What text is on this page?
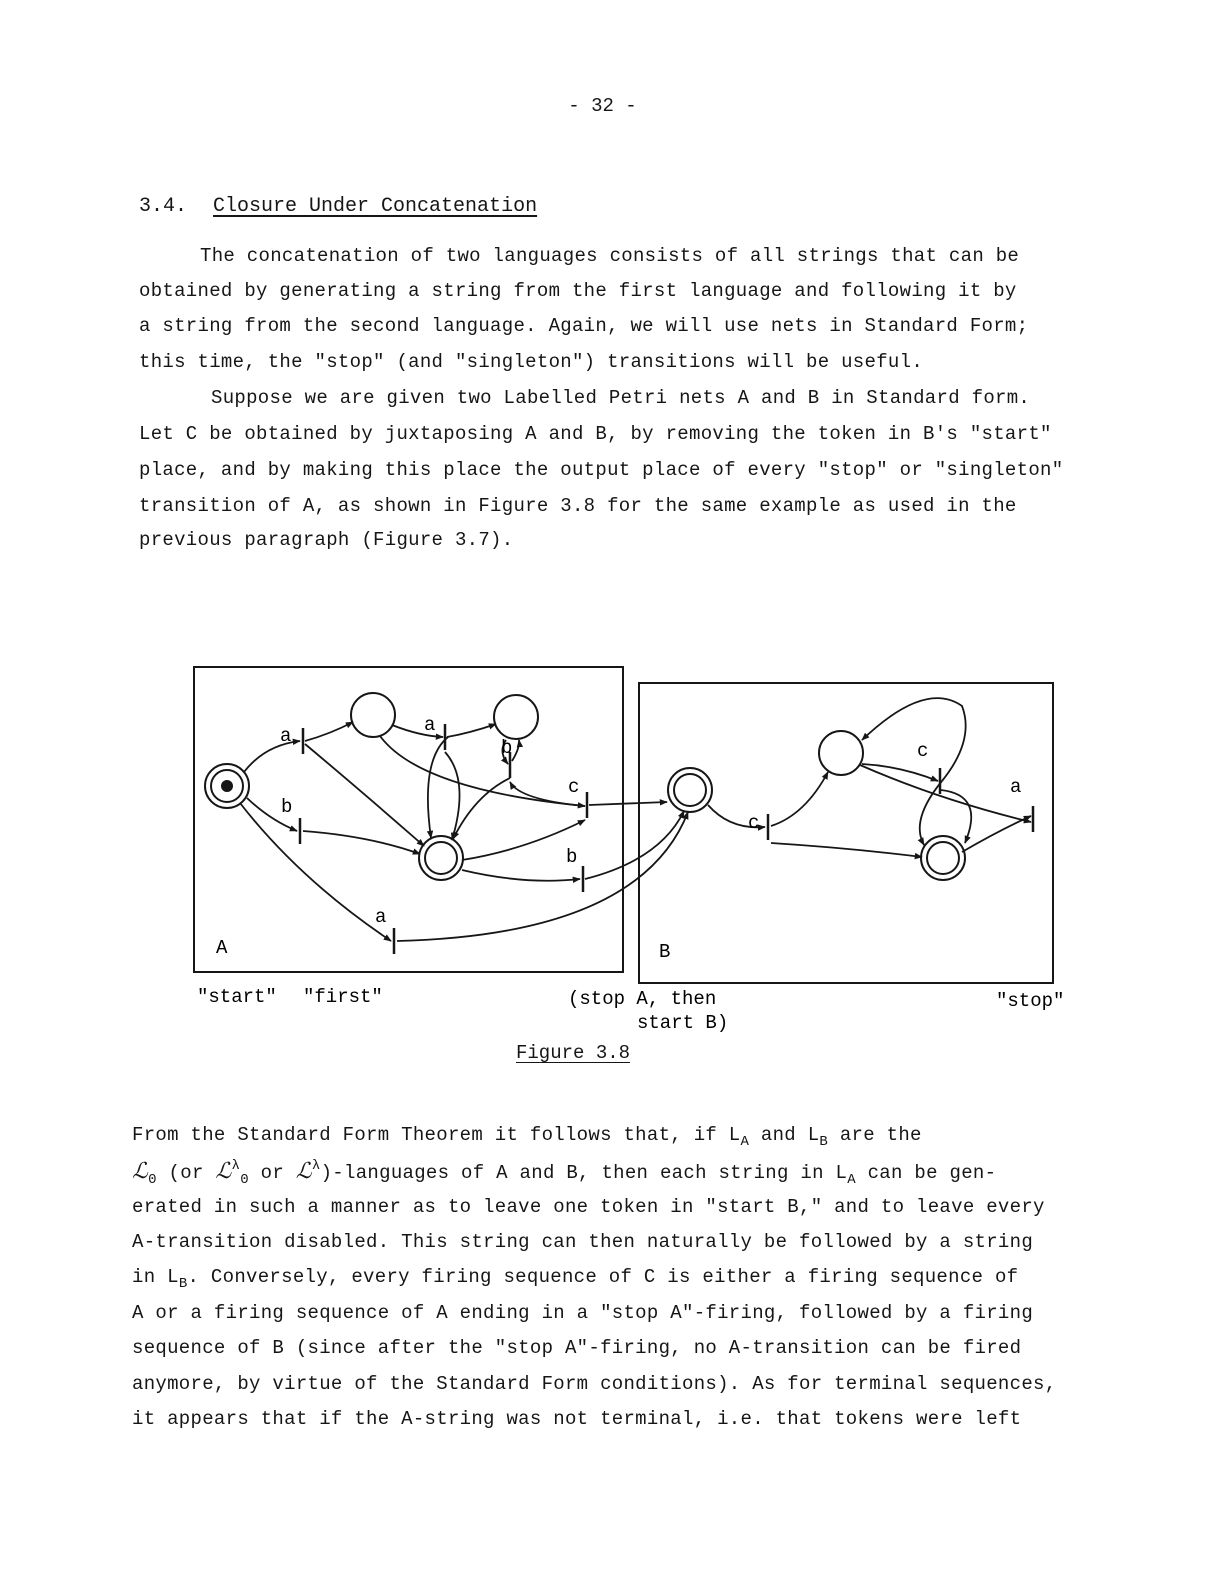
- 32 -
3.4. Closure Under Concatenation
The concatenation of two languages consists of all strings that can be
obtained by generating a string from the first language and following it by
a string from the second language. Again, we will use nets in Standard Form;
this time, the "stop" (and "singleton") transitions will be useful.
Suppose we are given two Labelled Petri nets A and B in Standard form.
Let C be obtained by juxtaposing A and B, by removing the token in B's "start"
place, and by making this place the output place of every "stop" or "singleton"
transition of A, as shown in Figure 3.8 for the same example as used in the
previous paragraph (Figure 3.7).
a	a
b
b
c
b
a
c
c
a
A	B
"start" "first"	(stop A, then
start B)
"stop"
Figure 3.8
From the Standard Form Theorem it follows that, if $L_A$ and $L_B$ are the
ℒ$_0$ (or ℒ$^\lambda_0$ or ℒ$^\lambda$)-languages of A and B, then each string in $L_A$ can be gen-
erated in such a manner as to leave one token in "start B," and to leave every
A-transition disabled. This string can then naturally be followed by a string
in $L_B$. Conversely, every firing sequence of C is either a firing sequence of
A or a firing sequence of A ending in a "stop A"-firing, followed by a firing
sequence of B (since after the "stop A"-firing, no A-transition can be fired
anymore, by virtue of the Standard Form conditions). As for terminal sequences,
it appears that if the A-string was not terminal, i.e. that tokens were left
